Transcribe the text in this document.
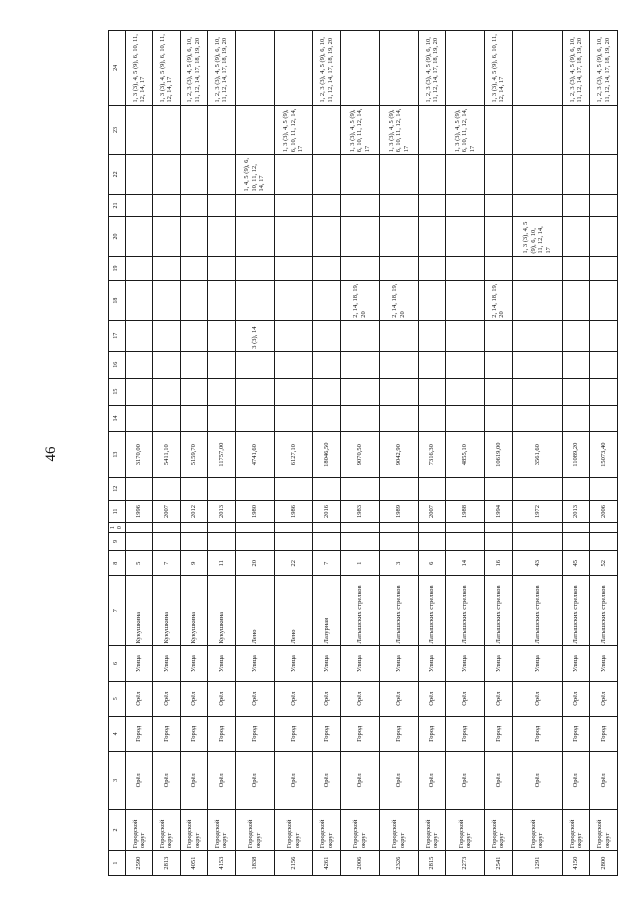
46
1	2	3	4	5	6	7	8	9	10	11	12	13	14	15	16	17	18	19	20	21	22	23	24
2590	Городской округ	Орёл	Город	Орёл	Улица	Кукушкина	5			1996		3170,00											1, 3 (3), 4, 5 (9), 6, 10, 11, 12, 14, 17
2813	Городской округ	Орёл	Город	Орёл	Улица	Кукушкина	7			2007		5411,10											1, 3 (3), 4, 5 (9), 6, 10, 11, 12, 14, 17
4051	Городской округ	Орёл	Город	Орёл	Улица	Кукушкина	9			2012		5159,70											1, 2, 3 (3), 4, 5 (9), 6, 10, 11, 12, 14, 17, 18, 19, 20
4153	Городской округ	Орёл	Город	Орёл	Улица	Кукушкина	11			2013		11757,00											1, 2, 3 (3), 4, 5 (9), 6, 10, 11, 12, 14, 17, 18, 19, 20
1838	Городской округ	Орёл	Город	Орёл	Улица	Лено	20			1980		4741,60				3 (3), 14					1, 4, 5 (9), 6, 10, 11, 12, 14, 17		
2156	Городской округ	Орёл	Город	Орёл	Улица	Лено	22			1986		6127,10										1, 3 (3), 4, 5 (9), 6, 10, 11, 12, 14, 17	
4261	Городской округ	Орёл	Город	Орёл	Улица	Лазурная	7			2016		18046,50											1, 2, 3 (3), 4, 5 (9), 6, 10, 11, 12, 14, 17, 18, 19, 20
2006	Городской округ	Орёл	Город	Орёл	Улица	Латышских стрелков	1			1983		9070,50					2, 14, 18, 19, 20					1, 3 (3), 4, 5 (9), 6, 10, 11, 12, 14, 17	
2326	Городской округ	Орёл	Город	Орёл	Улица	Латышских стрелков	3			1989		9042,90					2, 14, 18, 19, 20					1, 3 (3), 4, 5 (9), 6, 10, 11, 12, 14, 17	
2815	Городской округ	Орёл	Город	Орёл	Улица	Латышских стрелков	6			2007		7316,30											1, 2, 3 (3), 4, 5 (9), 6, 10, 11, 12, 14, 17, 18, 19, 20
2273	Городской округ	Орёл	Город	Орёл	Улица	Латышских стрелков	14			1988		4855,10										1, 3 (3), 4, 5 (9), 6, 10, 11, 12, 14, 17	
2541	Городской округ	Орёл	Город	Орёл	Улица	Латышских стрелков	16			1994		10619,00					2, 14, 18, 19, 20						1, 3 (3), 4, 5 (9), 6, 10, 11, 12, 14, 17
1291	Городской округ	Орёл	Город	Орёл	Улица	Латышских стрелков	43			1972		3561,60							1, 3 (3), 4, 5 (9), 6, 10, 11, 12, 14, 17				
4150	Городской округ	Орёл	Город	Орёл	Улица	Латышских стрелков	45			2013		11089,20											1, 2, 3 (3), 4, 5 (9), 6, 10, 11, 12, 14, 17, 18, 19, 20
2800	Городской округ	Орёл	Город	Орёл	Улица	Латышских стрелков	52			2006		15073,40											1, 2, 3 (3), 4, 5 (9), 6, 10, 11, 12, 14, 17, 18, 19, 20
